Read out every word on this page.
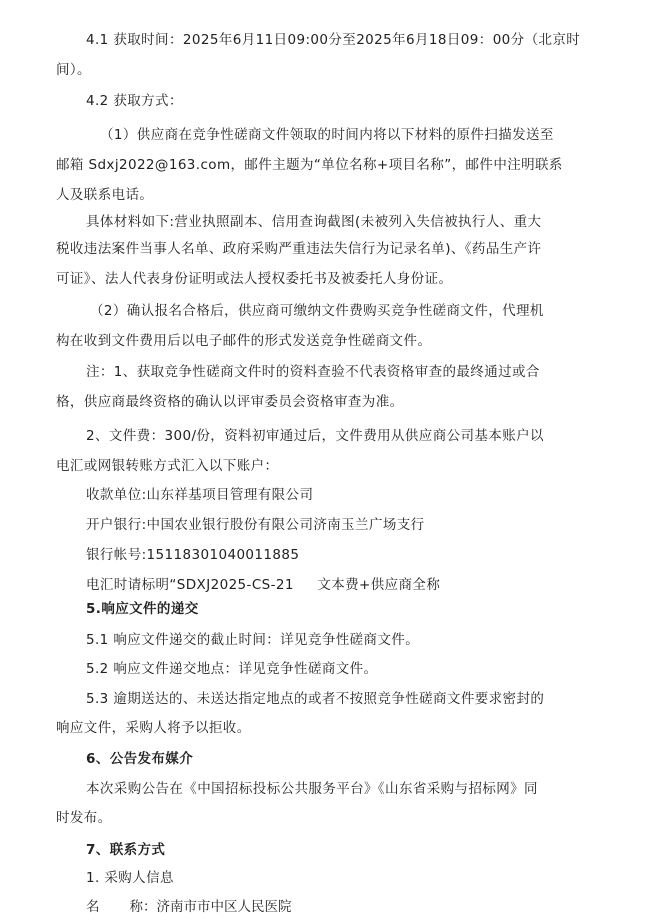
4.1 获取时间：2025年6月11日09:00分至2025年6月18日09：00分（北京时
间）。
4.2 获取方式：
（1）供应商在竞争性磋商文件领取的时间内将以下材料的原件扫描发送至
邮箱 Sdxj2022@163.com，邮件主题为“单位名称+项目名称”，邮件中注明联系
人及联系电话。
具体材料如下:营业执照副本、信用查询截图(未被列入失信被执行人、重大
税收违法案件当事人名单、政府采购严重违法失信行为记录名单)、《药品生产许
可证》、法人代表身份证明或法人授权委托书及被委托人身份证。
（2）确认报名合格后，供应商可缴纳文件费购买竞争性磋商文件，代理机
构在收到文件费用后以电子邮件的形式发送竞争性磋商文件。
注：1、获取竞争性磋商文件时的资料查验不代表资格审查的最终通过或合
格，供应商最终资格的确认以评审委员会资格审查为准。
2、文件费：300/份，资料初审通过后，文件费用从供应商公司基本账户以
电汇或网银转账方式汇入以下账户：
收款单位:山东祥基项目管理有限公司
开户银行:中国农业银行股份有限公司济南玉兰广场支行
银行帐号:15118301040011885
电汇时请标明“SDXJ2025-CS-21     文本费+供应商全称
5.响应文件的递交
5.1 响应文件递交的截止时间：详见竞争性磋商文件。
5.2 响应文件递交地点：详见竞争性磋商文件。
5.3 逾期送达的、未送达指定地点的或者不按照竞争性磋商文件要求密封的
响应文件，采购人将予以拒收。
6、公告发布媒介
本次采购公告在《中国招标投标公共服务平台》《山东省采购与招标网》同
时发布。
7、联系方式
1. 采购人信息
名 称：济南市市中区人民医院
